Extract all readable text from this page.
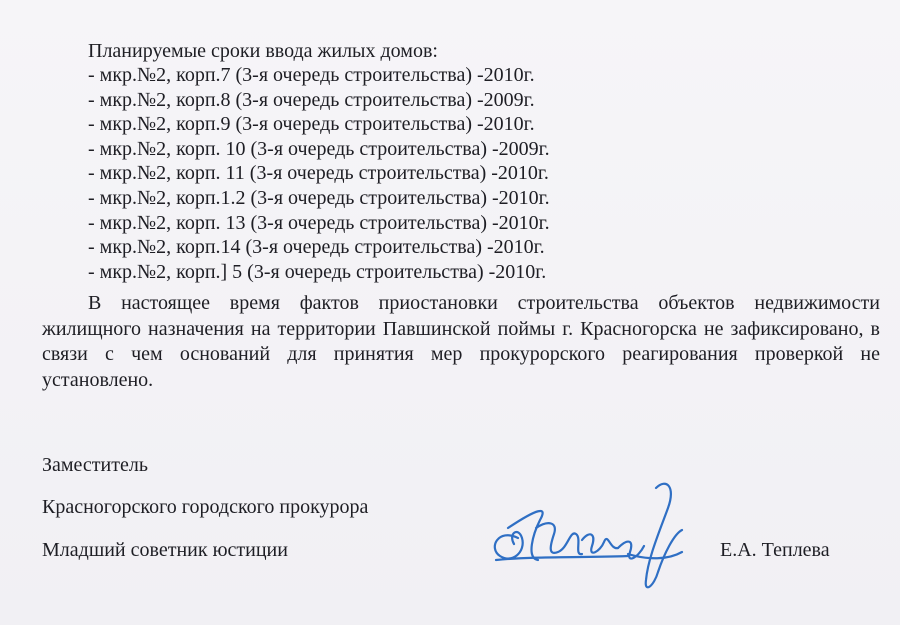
Планируемые сроки ввода жилых домов:
- мкр.№2, корп.7 (3-я очередь строительства) -2010г.
- мкр.№2, корп.8 (3-я очередь строительства) -2009г.
- мкр.№2, корп.9 (3-я очередь строительства) -2010г.
- мкр.№2, корп. 10 (3-я очередь строительства) -2009г.
- мкр.№2, корп. 11 (3-я очередь строительства) -2010г.
- мкр.№2, корп.1.2 (3-я очередь строительства) -2010г.
- мкр.№2, корп. 13 (3-я очередь строительства) -2010г.
- мкр.№2, корп.14 (3-я очередь строительства) -2010г.
- мкр.№2, корп.] 5 (3-я очередь строительства) -2010г.
В настоящее время фактов приостановки строительства объектов недвижимости жилищного назначения на территории Павшинской поймы г. Красногорска не зафиксировано, в связи с чем оснований для принятия мер прокурорского реагирования проверкой не установлено.
Заместитель
Красногорского городского прокурора
Младший советник юстиции	Е.А. Теплева
